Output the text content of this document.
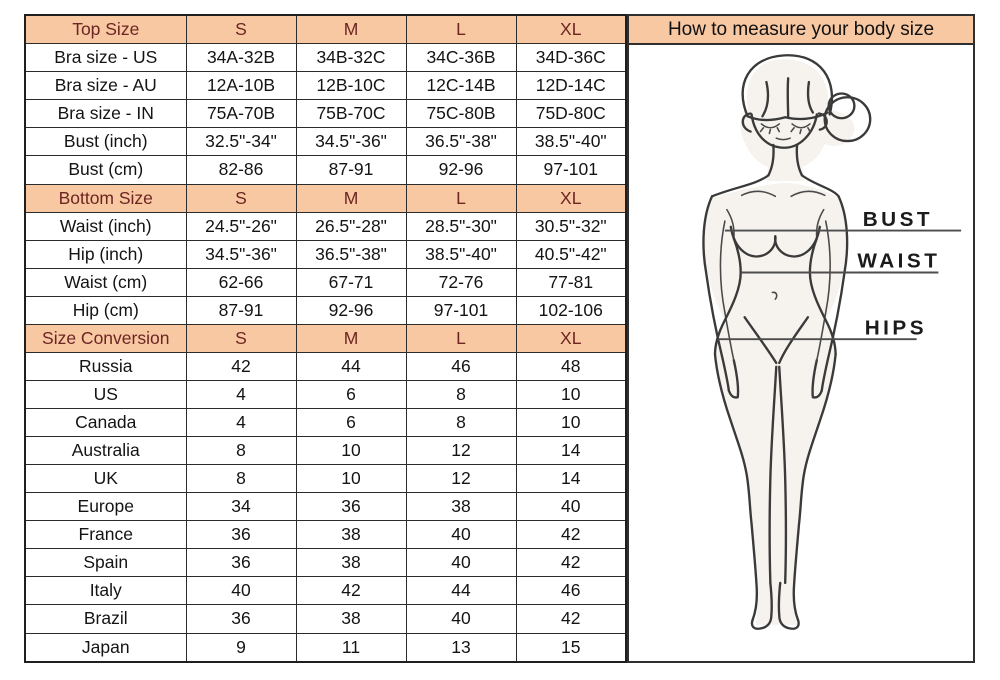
Top Size	S	M	L	XL
Bra size - US	34A-32B	34B-32C	34C-36B	34D-36C
Bra size - AU	12A-10B	12B-10C	12C-14B	12D-14C
Bra size - IN	75A-70B	75B-70C	75C-80B	75D-80C
Bust (inch)	32.5"-34"	34.5"-36"	36.5"-38"	38.5"-40"
Bust (cm)	82-86	87-91	92-96	97-101
Bottom Size	S	M	L	XL
Waist (inch)	24.5"-26"	26.5"-28"	28.5"-30"	30.5"-32"
Hip (inch)	34.5"-36"	36.5"-38"	38.5"-40"	40.5"-42"
Waist (cm)	62-66	67-71	72-76	77-81
Hip (cm)	87-91	92-96	97-101	102-106
Size Conversion	S	M	L	XL
Russia	42	44	46	48
US	4	6	8	10
Canada	4	6	8	10
Australia	8	10	12	14
UK	8	10	12	14
Europe	34	36	38	40
France	36	38	40	42
Spain	36	38	40	42
Italy	40	42	44	46
Brazil	36	38	40	42
Japan	9	11	13	15
How to measure your body size
BUST
WAIST
HIPS
